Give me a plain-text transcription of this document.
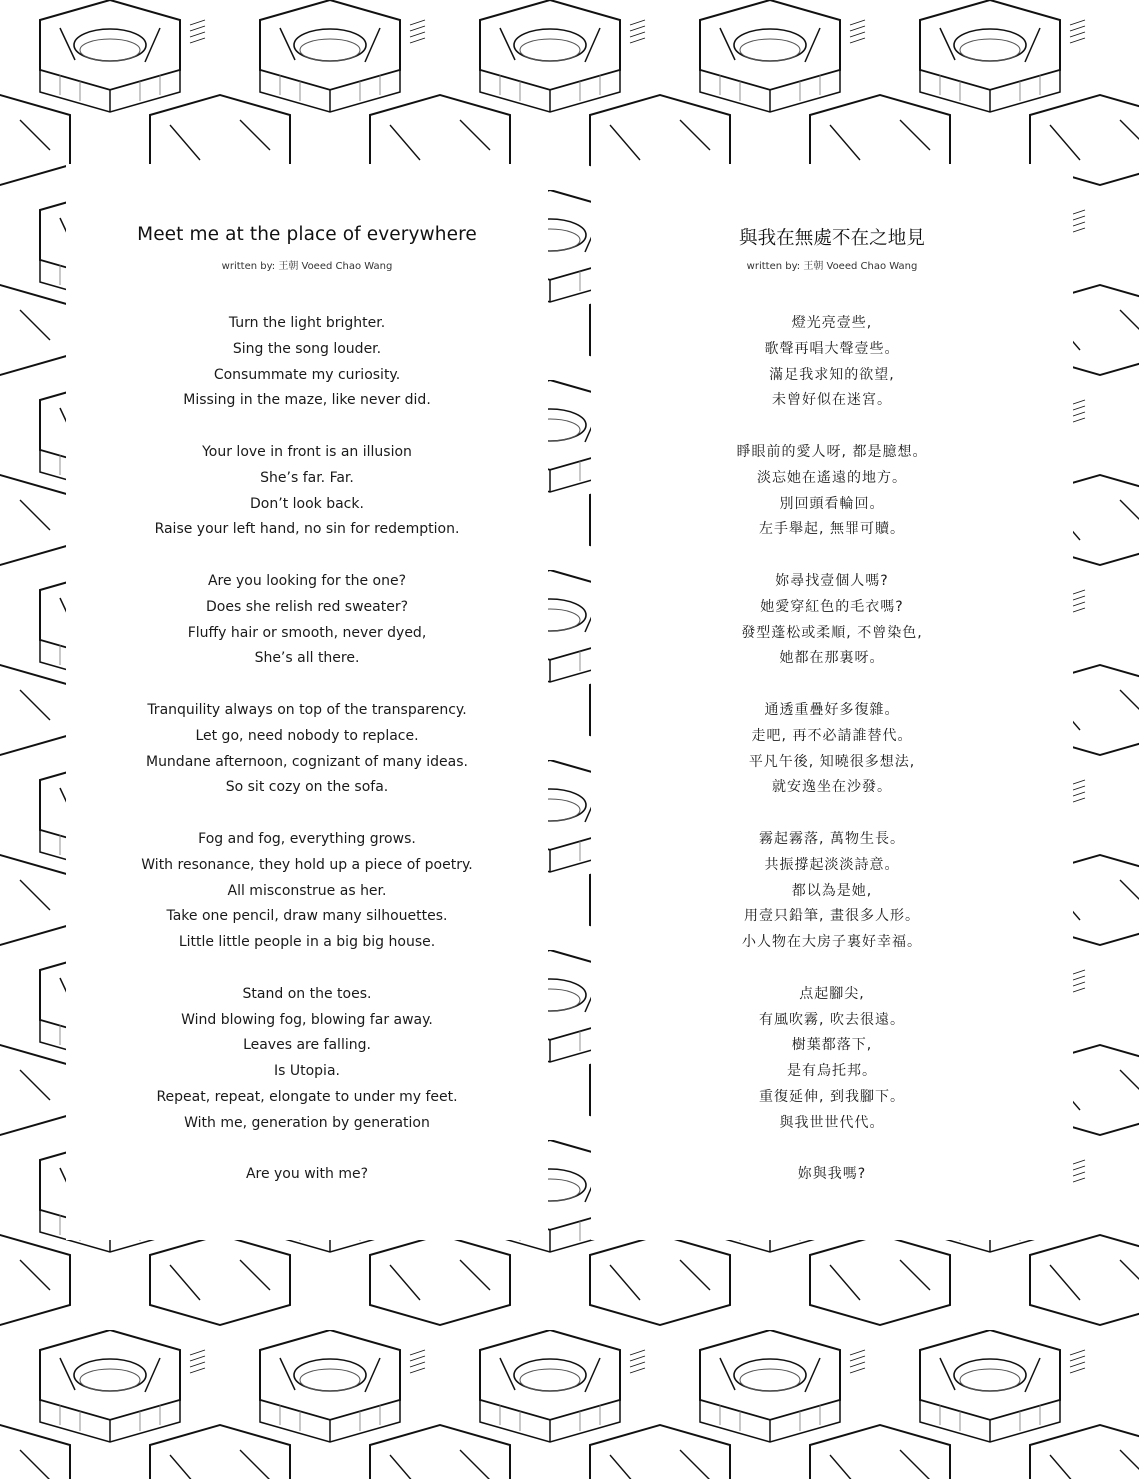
Meet me at the place of everywhere
written by: 王朝 Voeed Chao Wang
Turn the light brighter.
Sing the song louder.
Consummate my curiosity.
Missing in the maze, like never did.
Your love in front is an illusion
She’s far. Far.
Don’t look back.
Raise your left hand, no sin for redemption.
Are you looking for the one?
Does she relish red sweater?
Fluffy hair or smooth, never dyed,
She’s all there.
Tranquility always on top of the transparency.
Let go, need nobody to replace.
Mundane afternoon, cognizant of many ideas.
So sit cozy on the sofa.
Fog and fog, everything grows.
With resonance, they hold up a piece of poetry.
All misconstrue as her.
Take one pencil, draw many silhouettes.
Little little people in a big big house.
Stand on the toes.
Wind blowing fog, blowing far away.
Leaves are falling.
Is Utopia.
Repeat, repeat, elongate to under my feet.
With me, generation by generation
Are you with me?
與我在無處不在之地見
written by: 王朝 Voeed Chao Wang
燈光亮壹些,
歌聲再唱大聲壹些。
滿足我求知的欲望,
未曾好似在迷宮。
睜眼前的愛人呀, 都是臆想。
淡忘她在遙遠的地方。
別回頭看輪回。
左手舉起, 無罪可贖。
妳尋找壹個人嗎?
她愛穿紅色的毛衣嗎?
發型蓬松或柔順, 不曾染色,
她都在那裏呀。
通透重疊好多復雜。
走吧, 再不必請誰替代。
平凡午後, 知曉很多想法,
就安逸坐在沙發。
霧起霧落, 萬物生長。
共振撐起淡淡詩意。
都以為是她,
用壹只鉛筆, 畫很多人形。
小人物在大房子裏好幸福。
点起腳尖,
有風吹霧, 吹去很遠。
樹葉都落下,
是有烏托邦。
重復延伸, 到我腳下。
與我世世代代。
妳與我嗎?
